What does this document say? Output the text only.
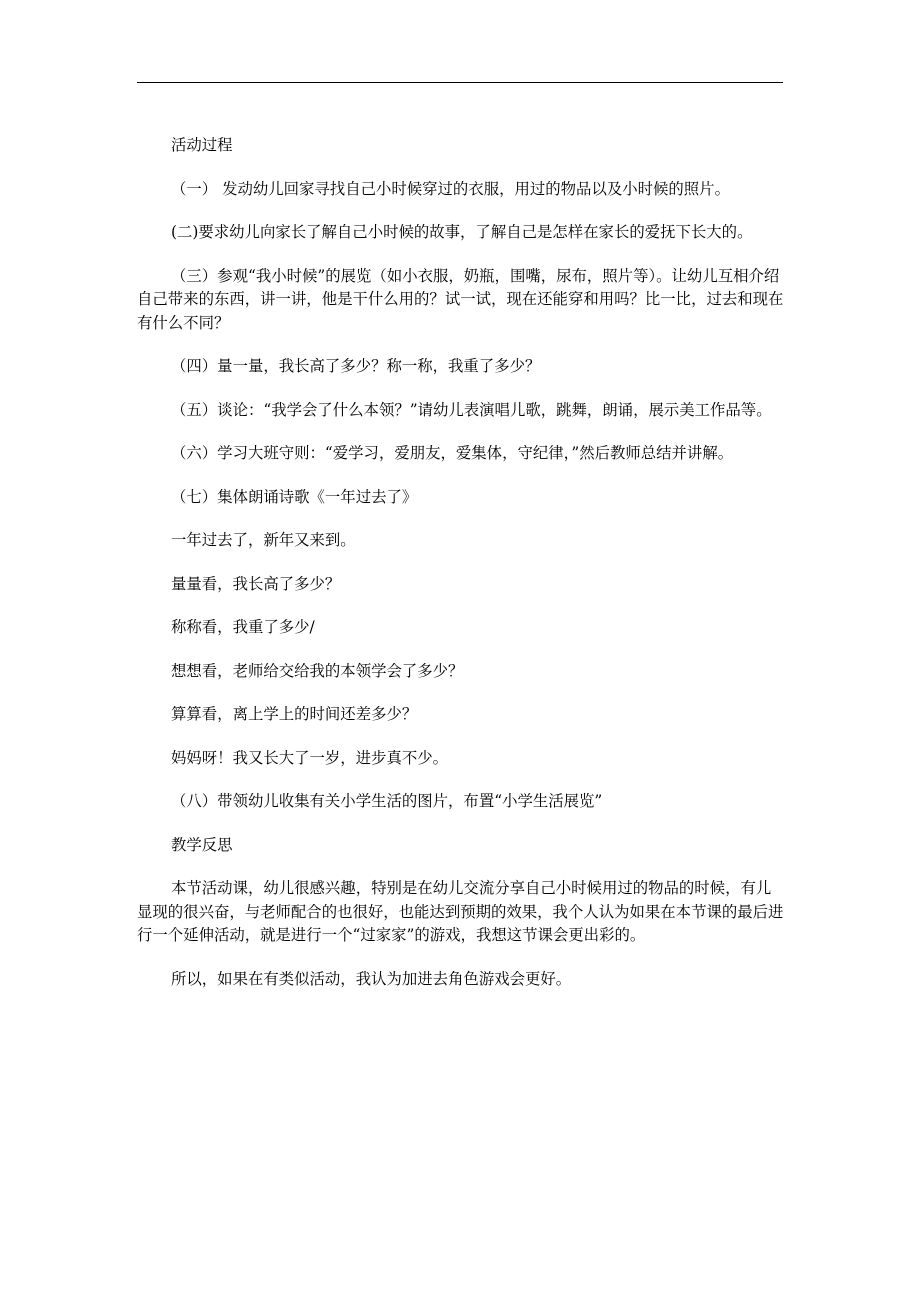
活动过程

（一） 发动幼儿回家寻找自己小时候穿过的衣服，用过的物品以及小时候的照片。

(二)要求幼儿向家长了解自己小时候的故事，了解自己是怎样在家长的爱抚下长大的。

（三）参观“我小时候”的展览（如小衣服，奶瓶，围嘴，尿布，照片等）。让幼儿互相介绍自己带来的东西，讲一讲，他是干什么用的？试一试，现在还能穿和用吗？比一比，过去和现在有什么不同？

（四）量一量，我长高了多少？称一称，我重了多少？

（五）谈论：“我学会了什么本领？”请幼儿表演唱儿歌，跳舞，朗诵，展示美工作品等。

（六）学习大班守则：“爱学习，爱朋友，爱集体，守纪律，”然后教师总结并讲解。

（七）集体朗诵诗歌《一年过去了》

一年过去了，新年又来到。

量量看，我长高了多少？

称称看，我重了多少/

想想看，老师给交给我的本领学会了多少？

算算看，离上学上的时间还差多少？

妈妈呀！我又长大了一岁，进步真不少。

（八）带领幼儿收集有关小学生活的图片，布置“小学生活展览”

教学反思

本节活动课，幼儿很感兴趣，特别是在幼儿交流分享自己小时候用过的物品的时候，有儿显现的很兴奋，与老师配合的也很好，也能达到预期的效果，我个人认为如果在本节课的最后进行一个延伸活动，就是进行一个“过家家”的游戏，我想这节课会更出彩的。

所以，如果在有类似活动，我认为加进去角色游戏会更好。
